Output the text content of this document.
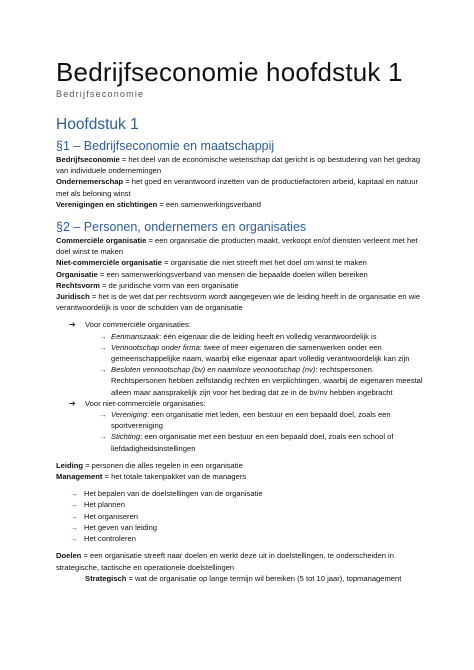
Bedrijfseconomie hoofdstuk 1
Bedrijfseconomie
Hoofdstuk 1
§1 – Bedrijfseconomie en maatschappij

Bedrijfseconomie = het deel van de economische wetenschap dat gericht is op bestudering van het gedrag van individuele ondernemingen

Ondernemerschap = het goed en verantwoord inzetten van de productiefactoren arbeid, kapitaal en natuur met als beloning winst

Verenigingen en stichtingen = een samenwerkingsverband

§2 – Personen, ondernemers en organisaties

Commerciële organisatie = een organisatie die producten maakt, verkoopt en/of diensten verleent met het doel winst te maken

Niet-commerciële organisatie = organisatie die niet streeft met het doel om winst te maken

Organisatie = een samenwerkingsverband van mensen die bepaalde doelen willen bereiken

Rechtsvorm = de juridische vorm van een organisatie

Juridisch = het is de wet dat per rechtsvorm wordt aangegeven wie de leiding heeft in de organisatie en wie verantwoordelijk is voor de schulden van de organisatie

➔ Voor commerciële organisaties:
→ Eenmanszaak: één eigenaar die de leiding heeft en volledig verantwoordelijk is
→ Vennootschap onder firma: twee of meer eigenaren die samenwerken onder een gemeenschappelijke naam, waarbij elke eigenaar apart volledig verantwoordelijk kan zijn
→ Besloten vennootschap (bv) en naamloze vennootschap (nv): rechtspersonen. Rechtspersonen hebben zelfstandig rechten en verplichtingen, waarbij de eigenaren meestal alleen maar aansprakelijk zijn voor het bedrag dat ze in de bv/nv hebben ingebracht
➔ Voor niet-commerciële organisaties:
→ Vereniging: een organisatie met leden, een bestuur en een bepaald doel, zoals een sportvereniging
→ Stichting: een organisatie met een bestuur en een bepaald doel, zoals een school of liefdadigheidsinstellingen

Leiding = personen die alles regelen in een organisatie

Management = het totale takenpakket van de managers

→ Het bepalen van de doelstellingen van de organisatie
→ Het plannen
→ Het organiseren
→ Het geven van leiding
→ Het controleren

Doelen = een organisatie streeft naar doelen en werkt deze uit in doelstellingen, te onderscheiden in strategische, tactische en operationele doelstellingen

Strategisch = wat de organisatie op lange termijn wil bereiken (5 tot 10 jaar), topmanagement
